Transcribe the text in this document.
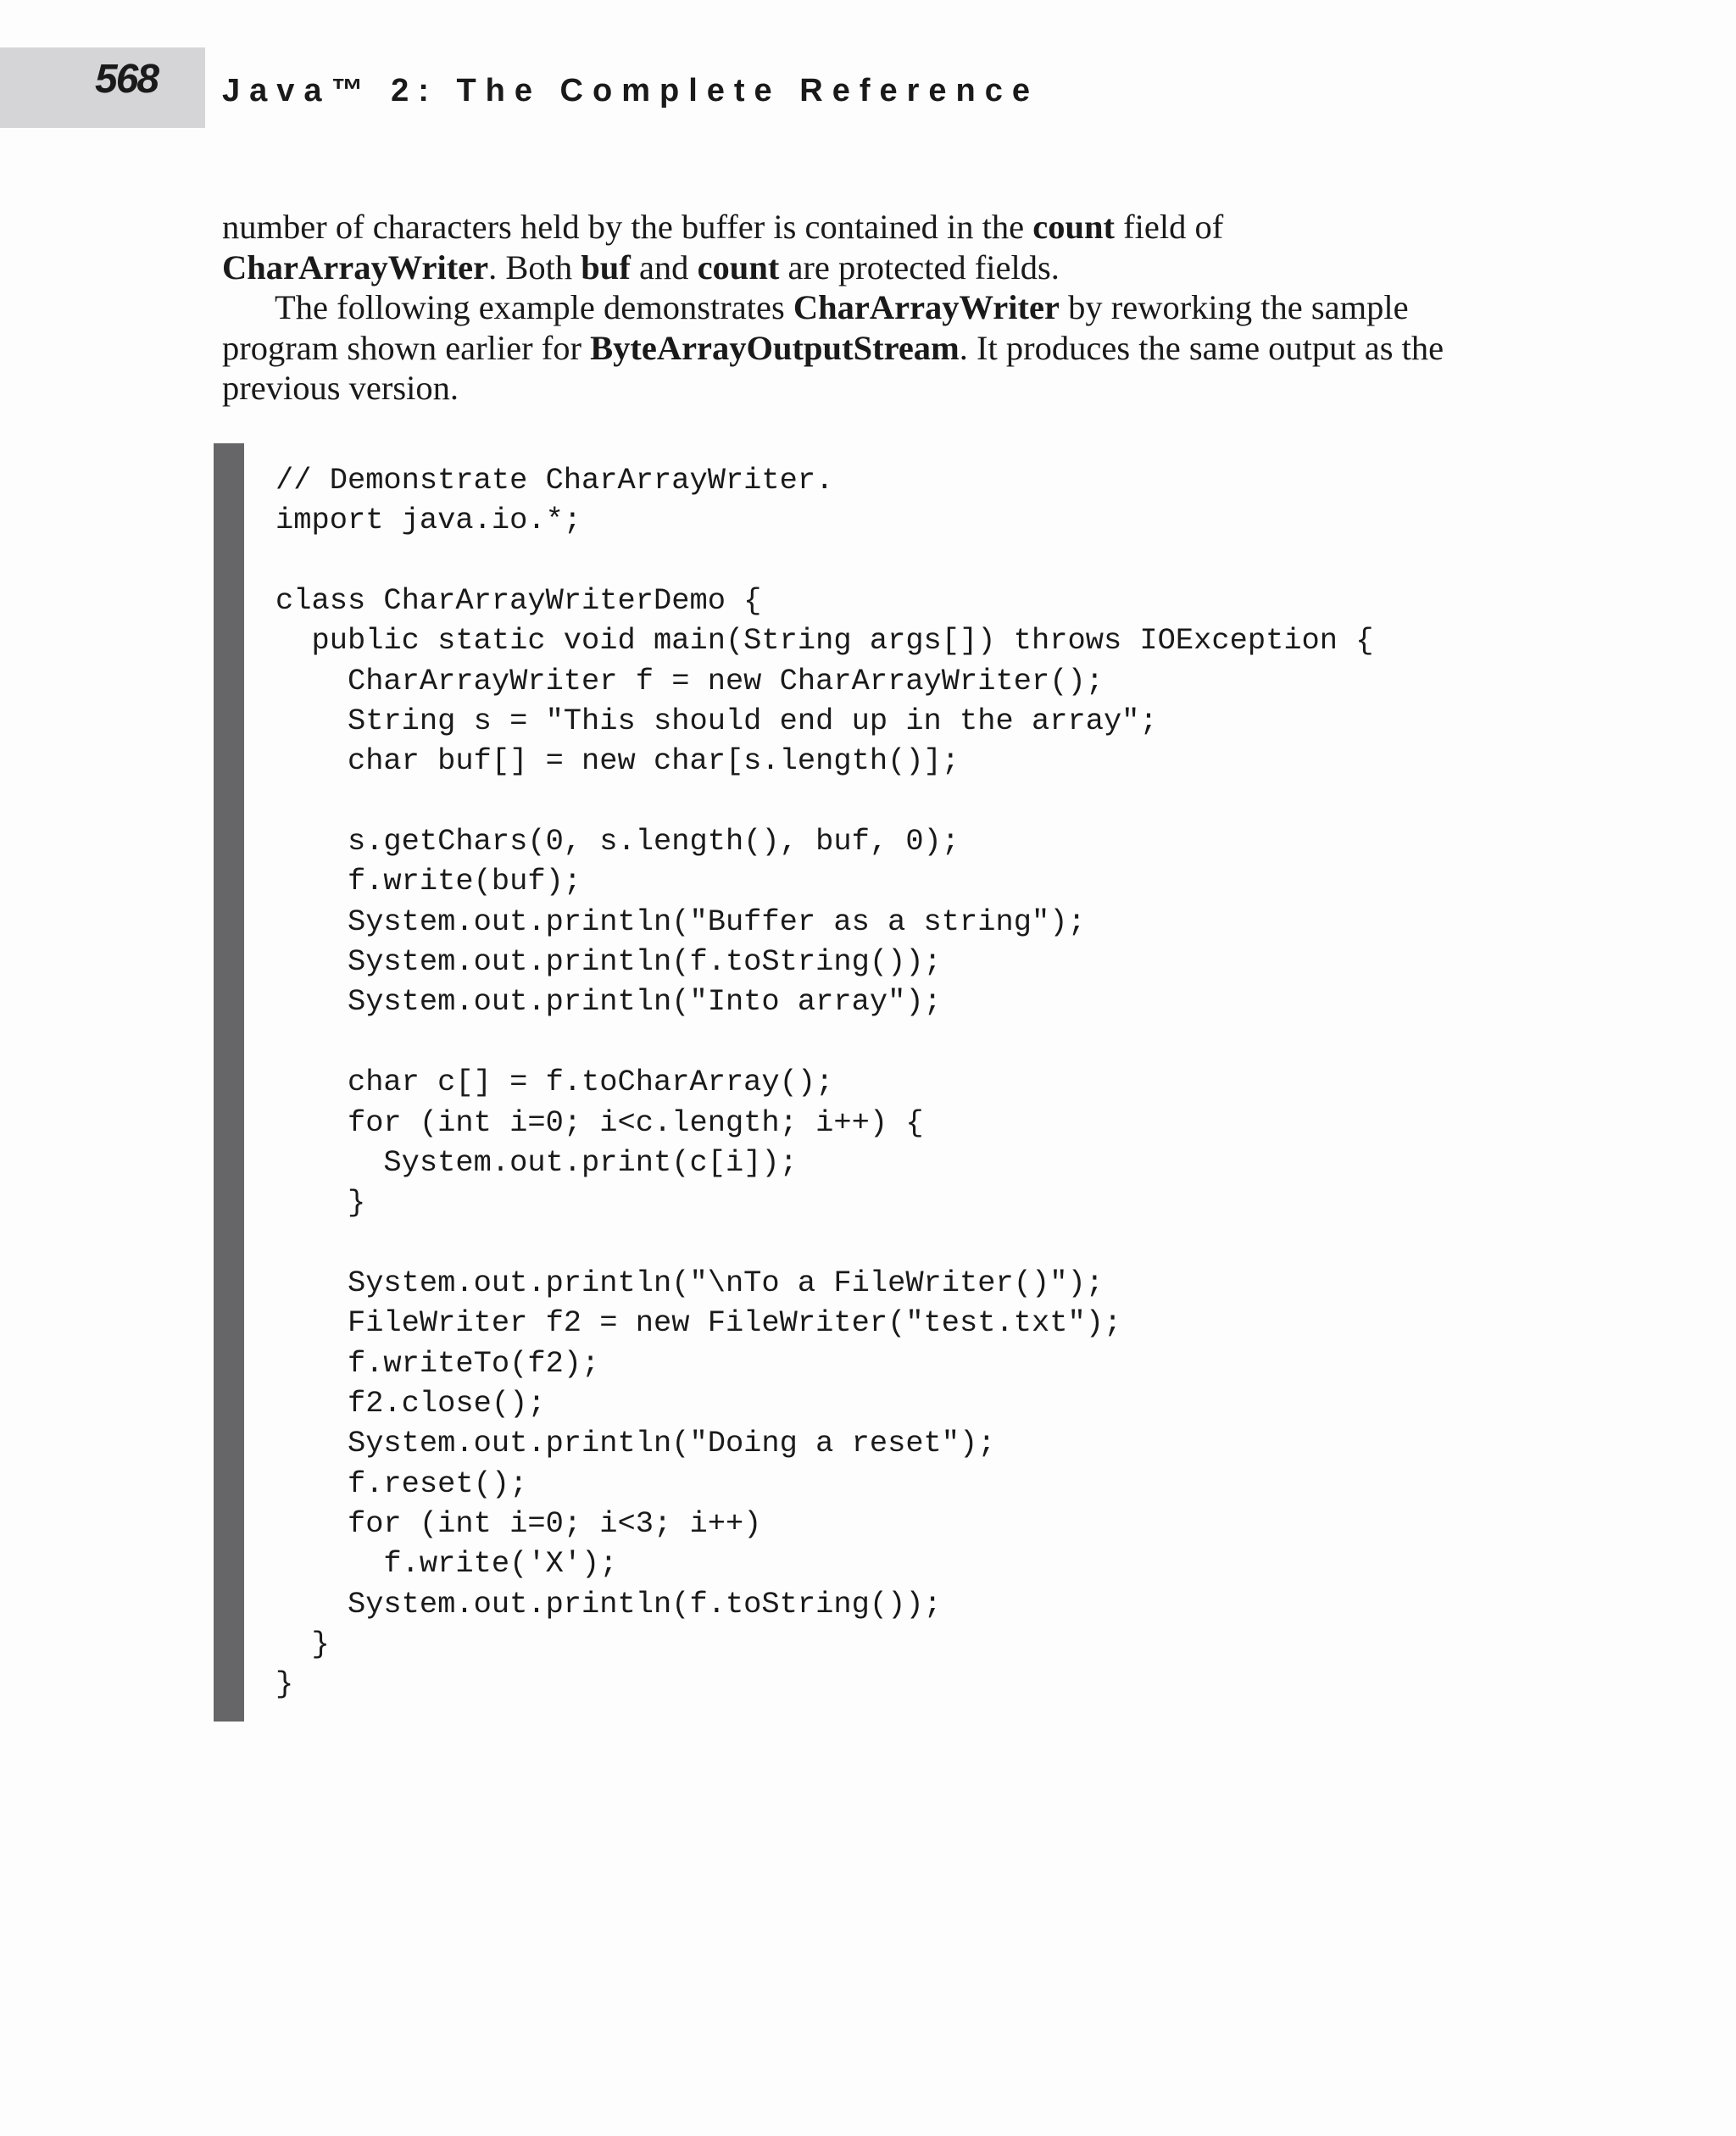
568 Java™ 2: The Complete Reference

number of characters held by the buffer is contained in the count field of
CharArrayWriter. Both buf and count are protected fields.

The following example demonstrates CharArrayWriter by reworking the sample program shown earlier for ByteArrayOutputStream. It produces the same output as the previous version.

// Demonstrate CharArrayWriter.
import java.io.*;
class CharArrayWriterDemo {
public static void main(String args[]) throws IOException {
CharArrayWriter f = new CharArrayWriter();
String s = "This should end up in the array";
char buf[] = new char[s.length()];
s.getChars(0, s.length(), buf, 0);
f.write(buf);
System.out.println("Buffer as a string");
System.out.println(f.toString());
System.out.println("Into array");
char c[] = f.toCharArray();
for (int i=0; i<c.length; i++) {
System.out.print(c[i]);
}
System.out.println("\nTo a FileWriter()");
FileWriter f2 = new FileWriter("test.txt");
f.writeTo(f2);
f2.close();
System.out.println("Doing a reset");
f.reset();
for (int i=0; i<3; i++)
f.write('X');
System.out.println(f.toString());
}
}
